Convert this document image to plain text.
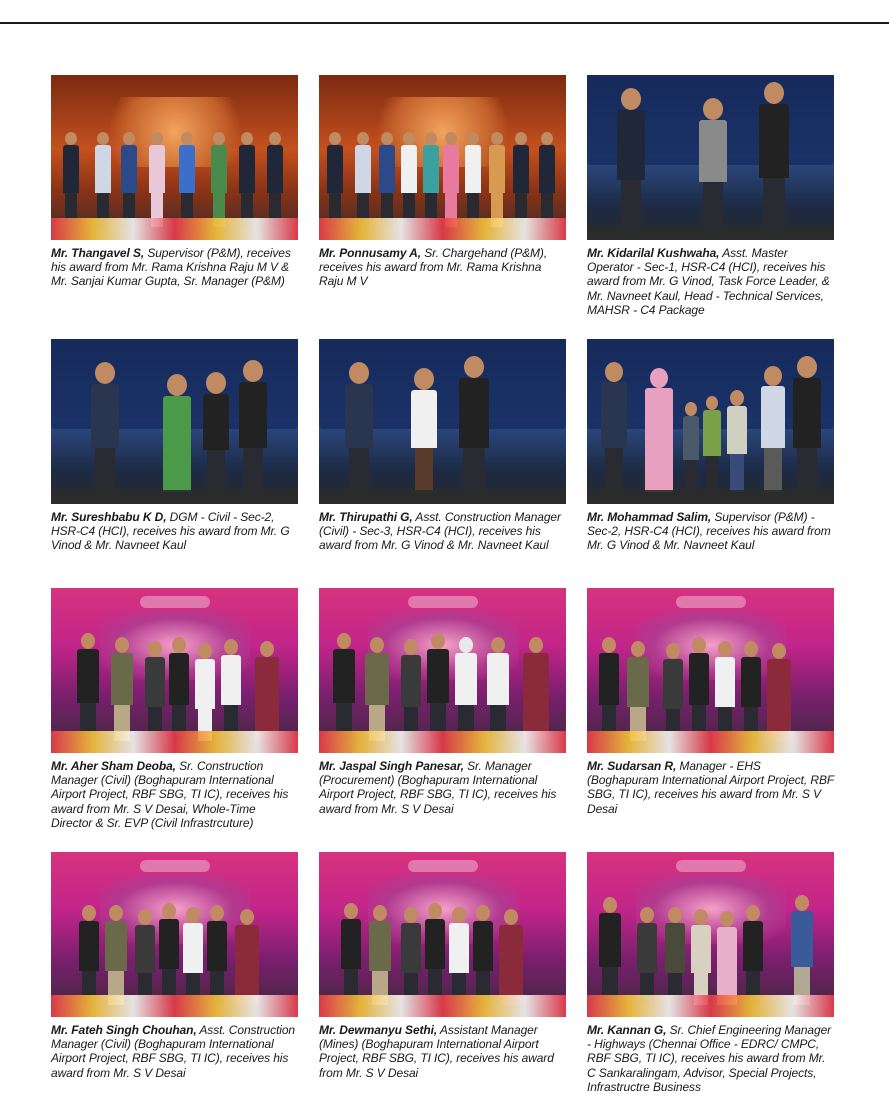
Mr. Thangavel S, Supervisor (P&M), receives his award from Mr. Rama Krishna Raju M V & Mr. Sanjai Kumar Gupta, Sr. Manager (P&M)
Mr. Ponnusamy A, Sr. Chargehand (P&M), receives his award from Mr. Rama Krishna Raju M V
Mr. Kidarilal Kushwaha, Asst. Master Operator - Sec-1, HSR-C4 (HCI), receives his award from Mr. G Vinod, Task Force Leader, & Mr. Navneet Kaul, Head - Technical Services, MAHSR - C4 Package
Mr. Sureshbabu K D, DGM - Civil - Sec-2, HSR-C4 (HCI), receives his award from Mr. G Vinod & Mr. Navneet Kaul
Mr. Thirupathi G, Asst. Construction Manager (Civil) - Sec-3, HSR-C4 (HCI), receives his award from Mr. G Vinod & Mr. Navneet Kaul
Mr. Mohammad Salim, Supervisor (P&M) - Sec-2, HSR-C4 (HCI), receives his award from Mr. G Vinod & Mr. Navneet Kaul
Mr. Aher Sham Deoba, Sr. Construction Manager (Civil) (Boghapuram International Airport Project, RBF SBG, TI IC), receives his award from Mr. S V Desai, Whole-Time Director & Sr. EVP (Civil Infrastrcuture)
Mr. Jaspal Singh Panesar, Sr. Manager (Procurement) (Boghapuram International Airport Project, RBF SBG, TI IC), receives his award from Mr. S V Desai
Mr. Sudarsan R, Manager - EHS (Boghapuram International Airport Project, RBF SBG, TI IC), receives his award from Mr. S V Desai
Mr. Fateh Singh Chouhan, Asst. Construction Manager (Civil) (Boghapuram International Airport Project, RBF SBG, TI IC), receives his award from Mr. S V Desai
Mr. Dewmanyu Sethi, Assistant Manager (Mines) (Boghapuram International Airport Project, RBF SBG, TI IC), receives his award from Mr. S V Desai
Mr. Kannan G, Sr. Chief Engineering Manager - Highways (Chennai Office - EDRC/ CMPC, RBF SBG, TI IC), receives his award from Mr. C Sankaralingam, Advisor, Special Projects, Infrastructre Business
